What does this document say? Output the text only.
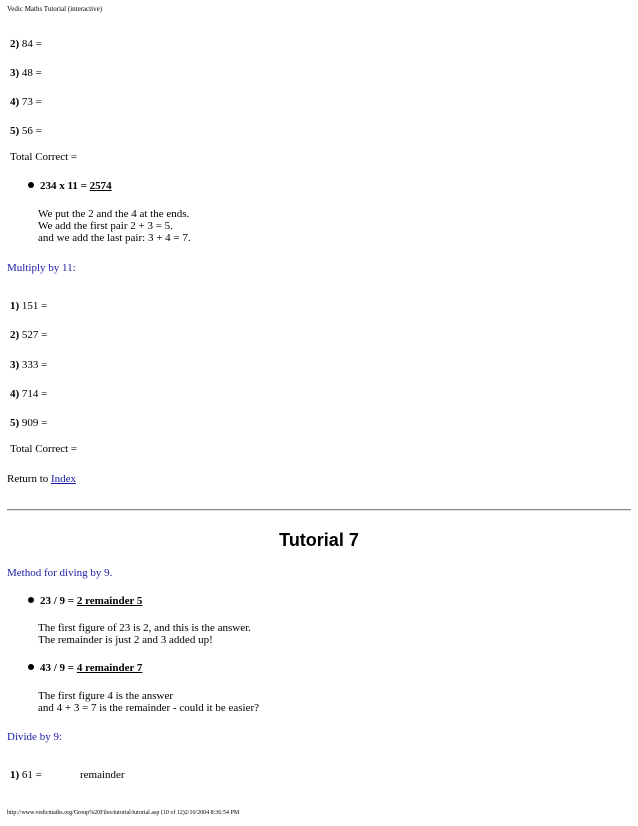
Vedic Maths Tutorial (interactive)
2) 84 =
3) 48 =
4) 73 =
5) 56 =
Total Correct =
234 x 11 = 2574
We put the 2 and the 4 at the ends.
We add the first pair 2 + 3 = 5.
and we add the last pair: 3 + 4 = 7.
Multiply by 11:
1) 151 =
2) 527 =
3) 333 =
4) 714 =
5) 909 =
Total Correct =
Return to Index
Tutorial 7
Method for diving by 9.
23 / 9 = 2 remainder 5
The first figure of 23 is 2, and this is the answer.
The remainder is just 2 and 3 added up!
43 / 9 = 4 remainder 7
The first figure 4 is the answer
and 4 + 3 = 7 is the remainder - could it be easier?
Divide by 9:
1) 61 =	remainder
http://www.vedicmaths.org/Group%20Files/tutorial/tutorial.asp (10 of 12)2/10/2004 8:36:54 PM
